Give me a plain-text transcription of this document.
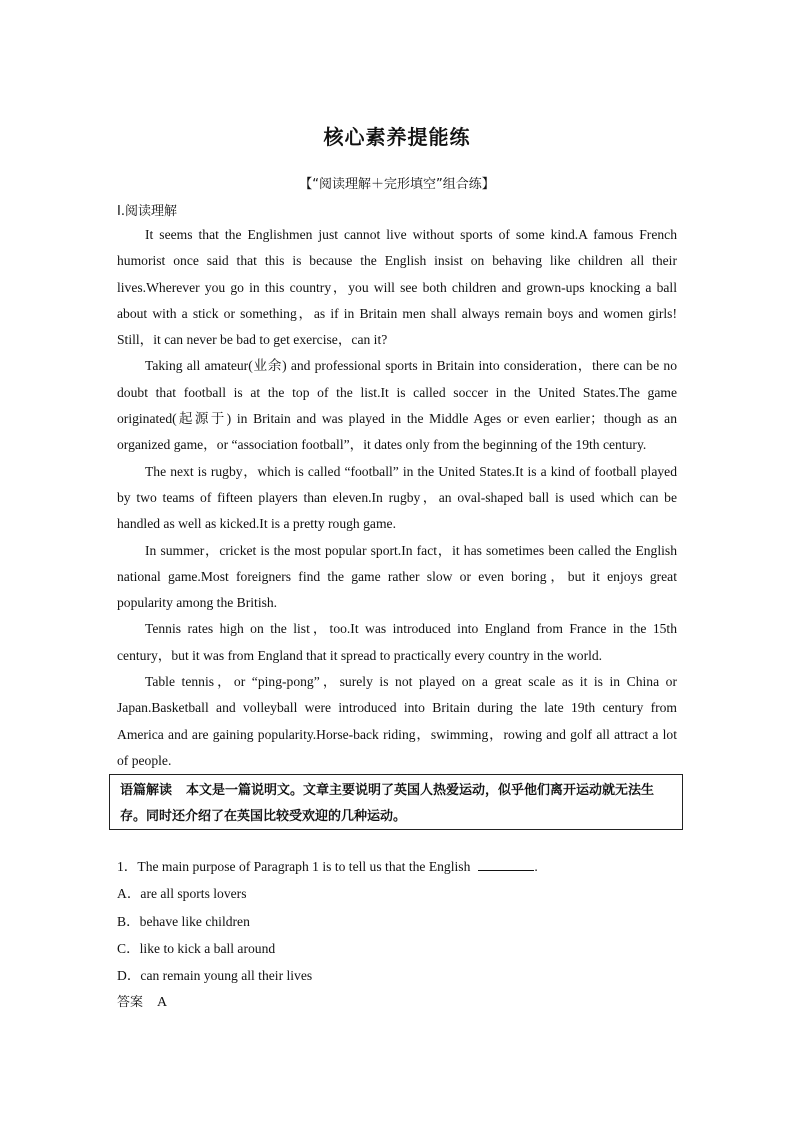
核心素养提能练
【“阅读理解＋完形填空”组合练】
Ⅰ.阅读理解

It seems that the Englishmen just cannot live without sports of some kind.A famous French humorist once said that this is because the English insist on behaving like children all their lives.Wherever you go in this country，you will see both children and grown-ups knocking a ball about with a stick or something，as if in Britain men shall always remain boys and women girls! Still，it can never be bad to get exercise，can it?

Taking all amateur(业余) and professional sports in Britain into consideration，there can be no doubt that football is at the top of the list.It is called soccer in the United States.The game originated(起源于) in Britain and was played in the Middle Ages or even earlier；though as an organized game，or “association football”，it dates only from the beginning of the 19th century.

The next is rugby，which is called “football” in the United States.It is a kind of football played by two teams of fifteen players than eleven.In rugby，an oval-shaped ball is used which can be handled as well as kicked.It is a pretty rough game.

In summer，cricket is the most popular sport.In fact，it has sometimes been called the English national game.Most foreigners find the game rather slow or even boring，but it enjoys great popularity among the British.

Tennis rates high on the list，too.It was introduced into England from France in the 15th century，but it was from England that it spread to practically every country in the world.

Table tennis，or “ping-pong”，surely is not played on a great scale as it is in China or Japan.Basketball and volleyball were introduced into Britain during the late 19th century from America and are gaining popularity.Horse-back riding，swimming，rowing and golf all attract a lot of people.

语篇解读 本文是一篇说明文。文章主要说明了英国人热爱运动，似乎他们离开运动就无法生存。同时还介绍了在英国比较受欢迎的几种运动。
1．The main purpose of Paragraph 1 is to tell us that the English	.
A．are all sports lovers
B．behave like children
C．like to kick a ball around
D．can remain young all their lives
答案 A
